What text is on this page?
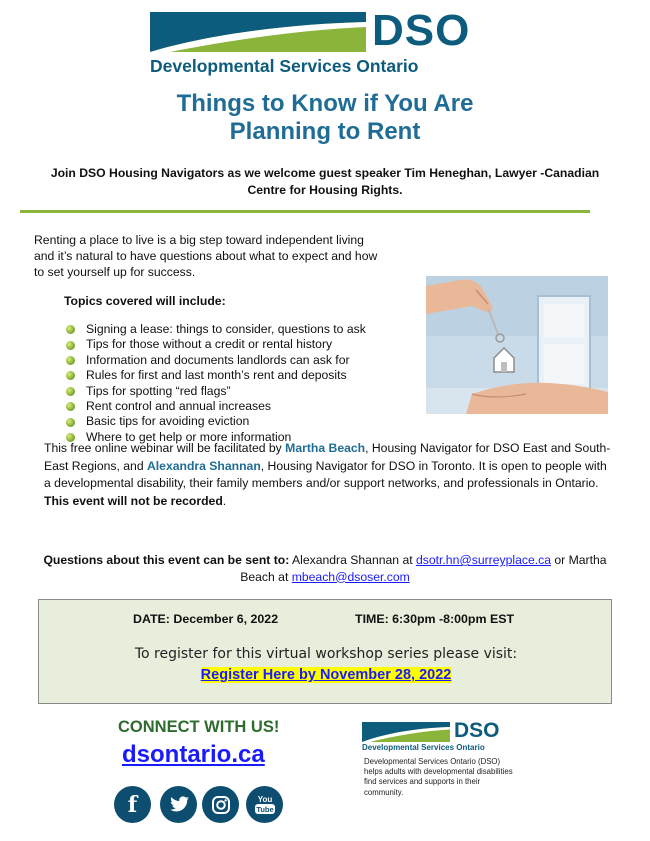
DSO
Developmental Services Ontario
Things to Know if You Are
Planning to Rent

Join DSO Housing Navigators as we welcome guest speaker Tim Heneghan, Lawyer -Canadian Centre for Housing Rights.

Renting a place to live is a big step toward independent living and it’s natural to have questions about what to expect and how to set yourself up for success.

Topics covered will include:
Signing a lease: things to consider, questions to ask
Tips for those without a credit or rental history
Information and documents landlords can ask for
Rules for first and last month’s rent and deposits
Tips for spotting “red flags”
Rent control and annual increases
Basic tips for avoiding eviction
Where to get help or more information

This free online webinar will be facilitated by Martha Beach, Housing Navigator for DSO East and South-East Regions, and Alexandra Shannan, Housing Navigator for DSO in Toronto. It is open to people with a developmental disability, their family members and/or support networks, and professionals in Ontario. This event will not be recorded.

Questions about this event can be sent to: Alexandra Shannan at dsotr.hn@surreyplace.ca or Martha Beach at mbeach@dsoser.com

DATE: December 6, 2022	TIME: 6:30pm -8:00pm EST
To register for this virtual workshop series please visit:
Register Here by November 28, 2022
CONNECT WITH US!
dsontario.ca
f	You
Tube
DSO
Developmental Services Ontario

Developmental Services Ontario (DSO) helps adults with developmental disabilities find services and supports in their community.
